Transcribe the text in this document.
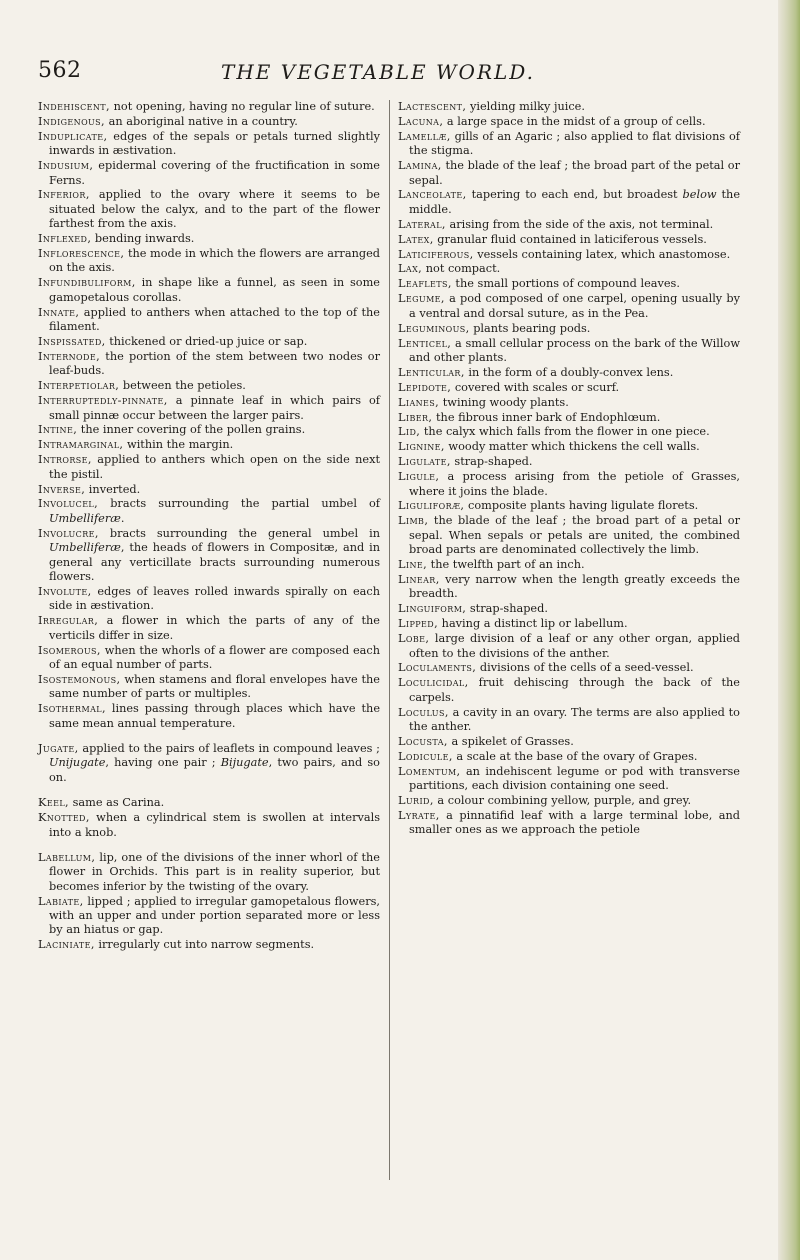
562	THE VEGETABLE WORLD.

Indehiscent, not opening, having no regular line of suture.

Indigenous, an aboriginal native in a country.

Induplicate, edges of the sepals or petals turned slightly inwards in æstivation.

Indusium, epidermal covering of the fructification in some Ferns.

Inferior, applied to the ovary where it seems to be situated below the calyx, and to the part of the flower farthest from the axis.

Inflexed, bending inwards.

Inflorescence, the mode in which the flowers are arranged on the axis.

Infundibuliform, in shape like a funnel, as seen in some gamopetalous corollas.

Innate, applied to anthers when attached to the top of the filament.

Inspissated, thickened or dried-up juice or sap.

Internode, the portion of the stem between two nodes or leaf-buds.

Interpetiolar, between the petioles.

Interruptedly-pinnate, a pinnate leaf in which pairs of small pinnæ occur between the larger pairs.

Intine, the inner covering of the pollen grains.

Intramarginal, within the margin.

Introrse, applied to anthers which open on the side next the pistil.

Inverse, inverted.

Involucel, bracts surrounding the partial umbel of Umbelliferæ.

Involucre, bracts surrounding the general umbel in Umbelliferæ, the heads of flowers in Compositæ, and in general any verticillate bracts surrounding numerous flowers.

Involute, edges of leaves rolled inwards spirally on each side in æstivation.

Irregular, a flower in which the parts of any of the verticils differ in size.

Isomerous, when the whorls of a flower are composed each of an equal number of parts.

Isostemonous, when stamens and floral envelopes have the same number of parts or multiples.

Isothermal, lines passing through places which have the same mean annual temperature.

Jugate, applied to the pairs of leaflets in compound leaves ; Unijugate, having one pair ; Bijugate, two pairs, and so on.

Keel, same as Carina.

Knotted, when a cylindrical stem is swollen at intervals into a knob.

Labellum, lip, one of the divisions of the inner whorl of the flower in Orchids. This part is in reality superior, but becomes inferior by the twisting of the ovary.

Labiate, lipped ; applied to irregular gamopetalous flowers, with an upper and under portion separated more or less by an hiatus or gap.

Laciniate, irregularly cut into narrow segments.

Lactescent, yielding milky juice.

Lacuna, a large space in the midst of a group of cells.

Lamellæ, gills of an Agaric ; also applied to flat divisions of the stigma.

Lamina, the blade of the leaf ; the broad part of the petal or sepal.

Lanceolate, tapering to each end, but broadest below the middle.

Lateral, arising from the side of the axis, not terminal.

Latex, granular fluid contained in laticiferous vessels.

Laticiferous, vessels containing latex, which anastomose.

Lax, not compact.

Leaflets, the small portions of compound leaves.

Legume, a pod composed of one carpel, opening usually by a ventral and dorsal suture, as in the Pea.

Leguminous, plants bearing pods.

Lenticel, a small cellular process on the bark of the Willow and other plants.

Lenticular, in the form of a doubly-convex lens.

Lepidote, covered with scales or scurf.

Lianes, twining woody plants.

Liber, the fibrous inner bark of Endophlœum.

Lid, the calyx which falls from the flower in one piece.

Lignine, woody matter which thickens the cell walls.

Ligulate, strap-shaped.

Ligule, a process arising from the petiole of Grasses, where it joins the blade.

Liguliforæ, composite plants having ligulate florets.

Limb, the blade of the leaf ; the broad part of a petal or sepal. When sepals or petals are united, the combined broad parts are denominated collectively the limb.

Line, the twelfth part of an inch.

Linear, very narrow when the length greatly exceeds the breadth.

Linguiform, strap-shaped.

Lipped, having a distinct lip or labellum.

Lobe, large division of a leaf or any other organ, applied often to the divisions of the anther.

Loculaments, divisions of the cells of a seed-vessel.

Loculicidal, fruit dehiscing through the back of the carpels.

Loculus, a cavity in an ovary. The terms are also applied to the anther.

Locusta, a spikelet of Grasses.

Lodicule, a scale at the base of the ovary of Grapes.

Lomentum, an indehiscent legume or pod with transverse partitions, each division containing one seed.

Lurid, a colour combining yellow, purple, and grey.

Lyrate, a pinnatifid leaf with a large terminal lobe, and smaller ones as we approach the petiole
